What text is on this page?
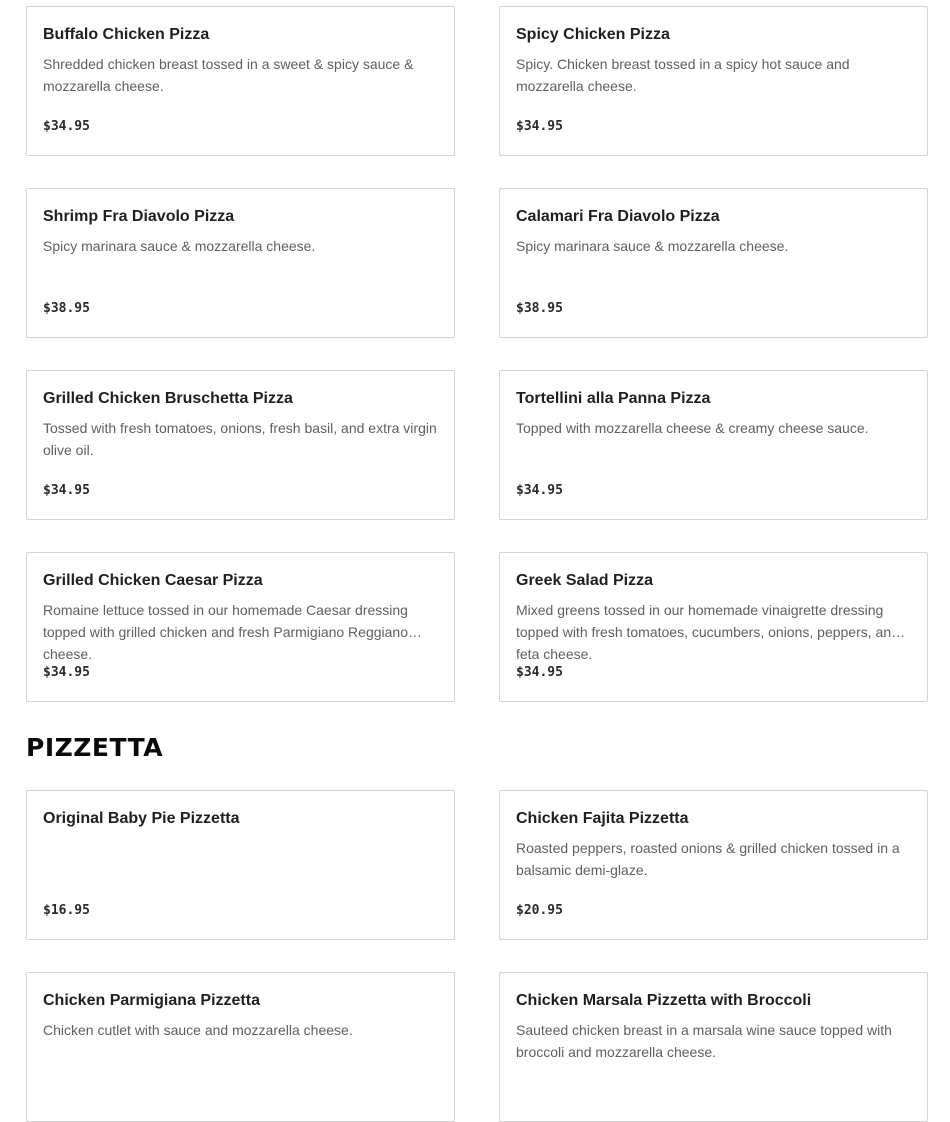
Buffalo Chicken Pizza
Shredded chicken breast tossed in a sweet & spicy sauce & mozzarella cheese.
$34.95
Spicy Chicken Pizza
Spicy. Chicken breast tossed in a spicy hot sauce and mozzarella cheese.
$34.95
Shrimp Fra Diavolo Pizza
Spicy marinara sauce & mozzarella cheese.
$38.95
Calamari Fra Diavolo Pizza
Spicy marinara sauce & mozzarella cheese.
$38.95
Grilled Chicken Bruschetta Pizza
Tossed with fresh tomatoes, onions, fresh basil, and extra virgin olive oil.
$34.95
Tortellini alla Panna Pizza
Topped with mozzarella cheese & creamy cheese sauce.
$34.95
Grilled Chicken Caesar Pizza
Romaine lettuce tossed in our homemade Caesar dressing topped with grilled chicken and fresh Parmigiano Reggiano cheese.
$34.95
Greek Salad Pizza
Mixed greens tossed in our homemade vinaigrette dressing topped with fresh tomatoes, cucumbers, onions, peppers, and feta cheese.
$34.95
PIZZETTA
Original Baby Pie Pizzetta
$16.95
Chicken Fajita Pizzetta
Roasted peppers, roasted onions & grilled chicken tossed in a balsamic demi-glaze.
$20.95
Chicken Parmigiana Pizzetta
Chicken cutlet with sauce and mozzarella cheese.
Chicken Marsala Pizzetta with Broccoli
Sauteed chicken breast in a marsala wine sauce topped with broccoli and mozzarella cheese.
